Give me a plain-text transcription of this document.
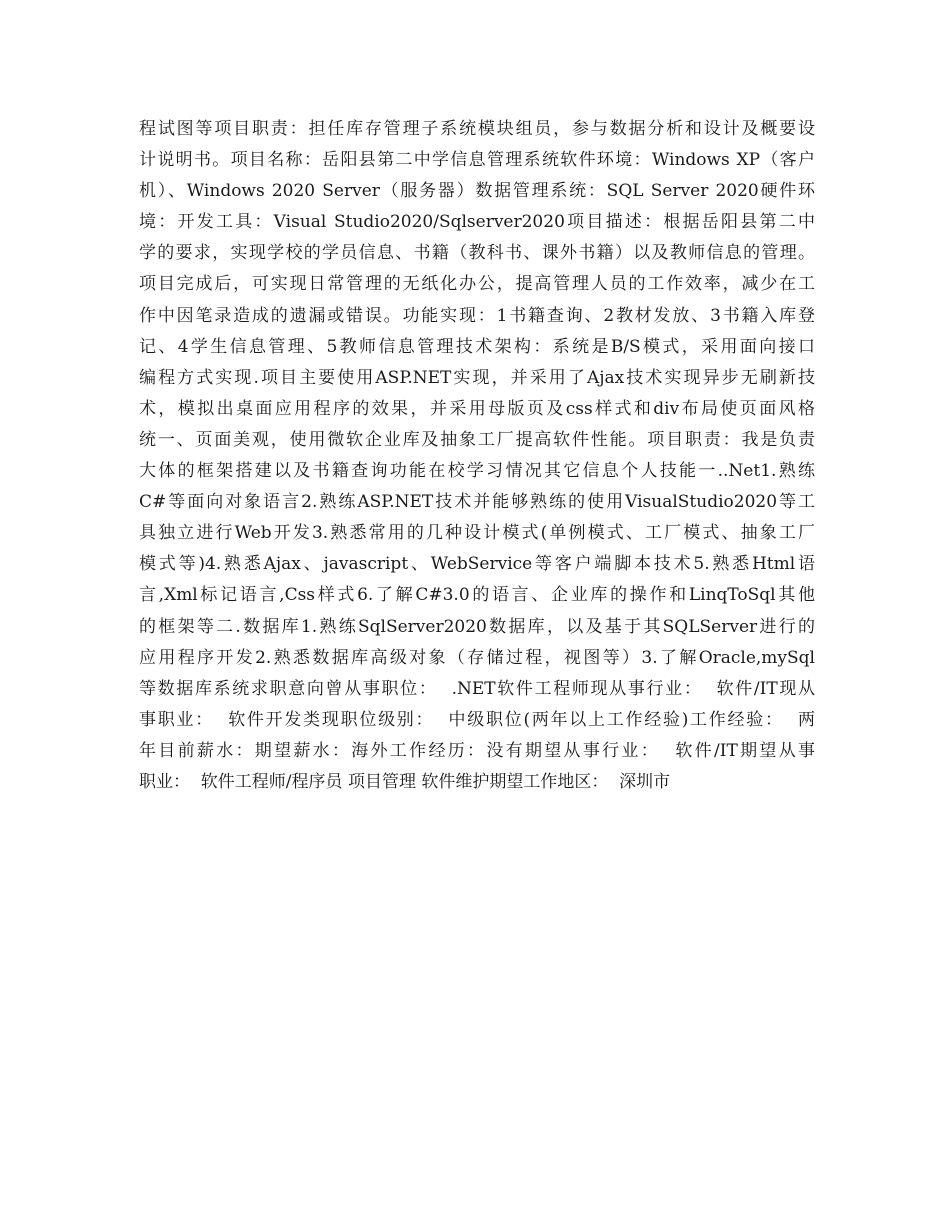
程试图等项目职责：担任库存管理子系统模块组员，参与数据分析和设计及概要设
计说明书。项目名称：岳阳县第二中学信息管理系统软件环境：Windows XP（客户
机）、Windows 2020 Server（服务器）数据管理系统：SQL Server 2020硬件环
境：开发工具：Visual Studio2020/Sqlserver2020项目描述：根据岳阳县第二中
学的要求，实现学校的学员信息、书籍（教科书、课外书籍）以及教师信息的管理。
项目完成后，可实现日常管理的无纸化办公，提高管理人员的工作效率，减少在工
作中因笔录造成的遗漏或错误。功能实现：1书籍查询、2教材发放、3书籍入库登
记、4学生信息管理、5教师信息管理技术架构：系统是B/S模式，采用面向接口
编程方式实现.项目主要使用ASP.NET实现，并采用了Ajax技术实现异步无刷新技
术，模拟出桌面应用程序的效果，并采用母版页及css样式和div布局使页面风格
统一、页面美观，使用微软企业库及抽象工厂提高软件性能。项目职责：我是负责
大体的框架搭建以及书籍查询功能在校学习情况其它信息个人技能一..Net1.熟练
C#等面向对象语言2.熟练ASP.NET技术并能够熟练的使用VisualStudio2020等工
具独立进行Web开发3.熟悉常用的几种设计模式(单例模式、工厂模式、抽象工厂
模式等)4.熟悉Ajax、javascript、WebService等客户端脚本技术5.熟悉Html语
言,Xml标记语言,Css样式6.了解C#3.0的语言、企业库的操作和LinqToSql其他
的框架等二.数据库1.熟练SqlServer2020数据库，以及基于其SQLServer进行的
应用程序开发2.熟悉数据库高级对象（存储过程，视图等）3.了解Oracle,mySql
等数据库系统求职意向曾从事职位：  .NET软件工程师现从事行业：  软件/IT现从
事职业：  软件开发类现职位级别：  中级职位(两年以上工作经验)工作经验：  两
年目前薪水：期望薪水：海外工作经历：没有期望从事行业：  软件/IT期望从事
职业：  软件工程师/程序员 项目管理 软件维护期望工作地区：  深圳市
